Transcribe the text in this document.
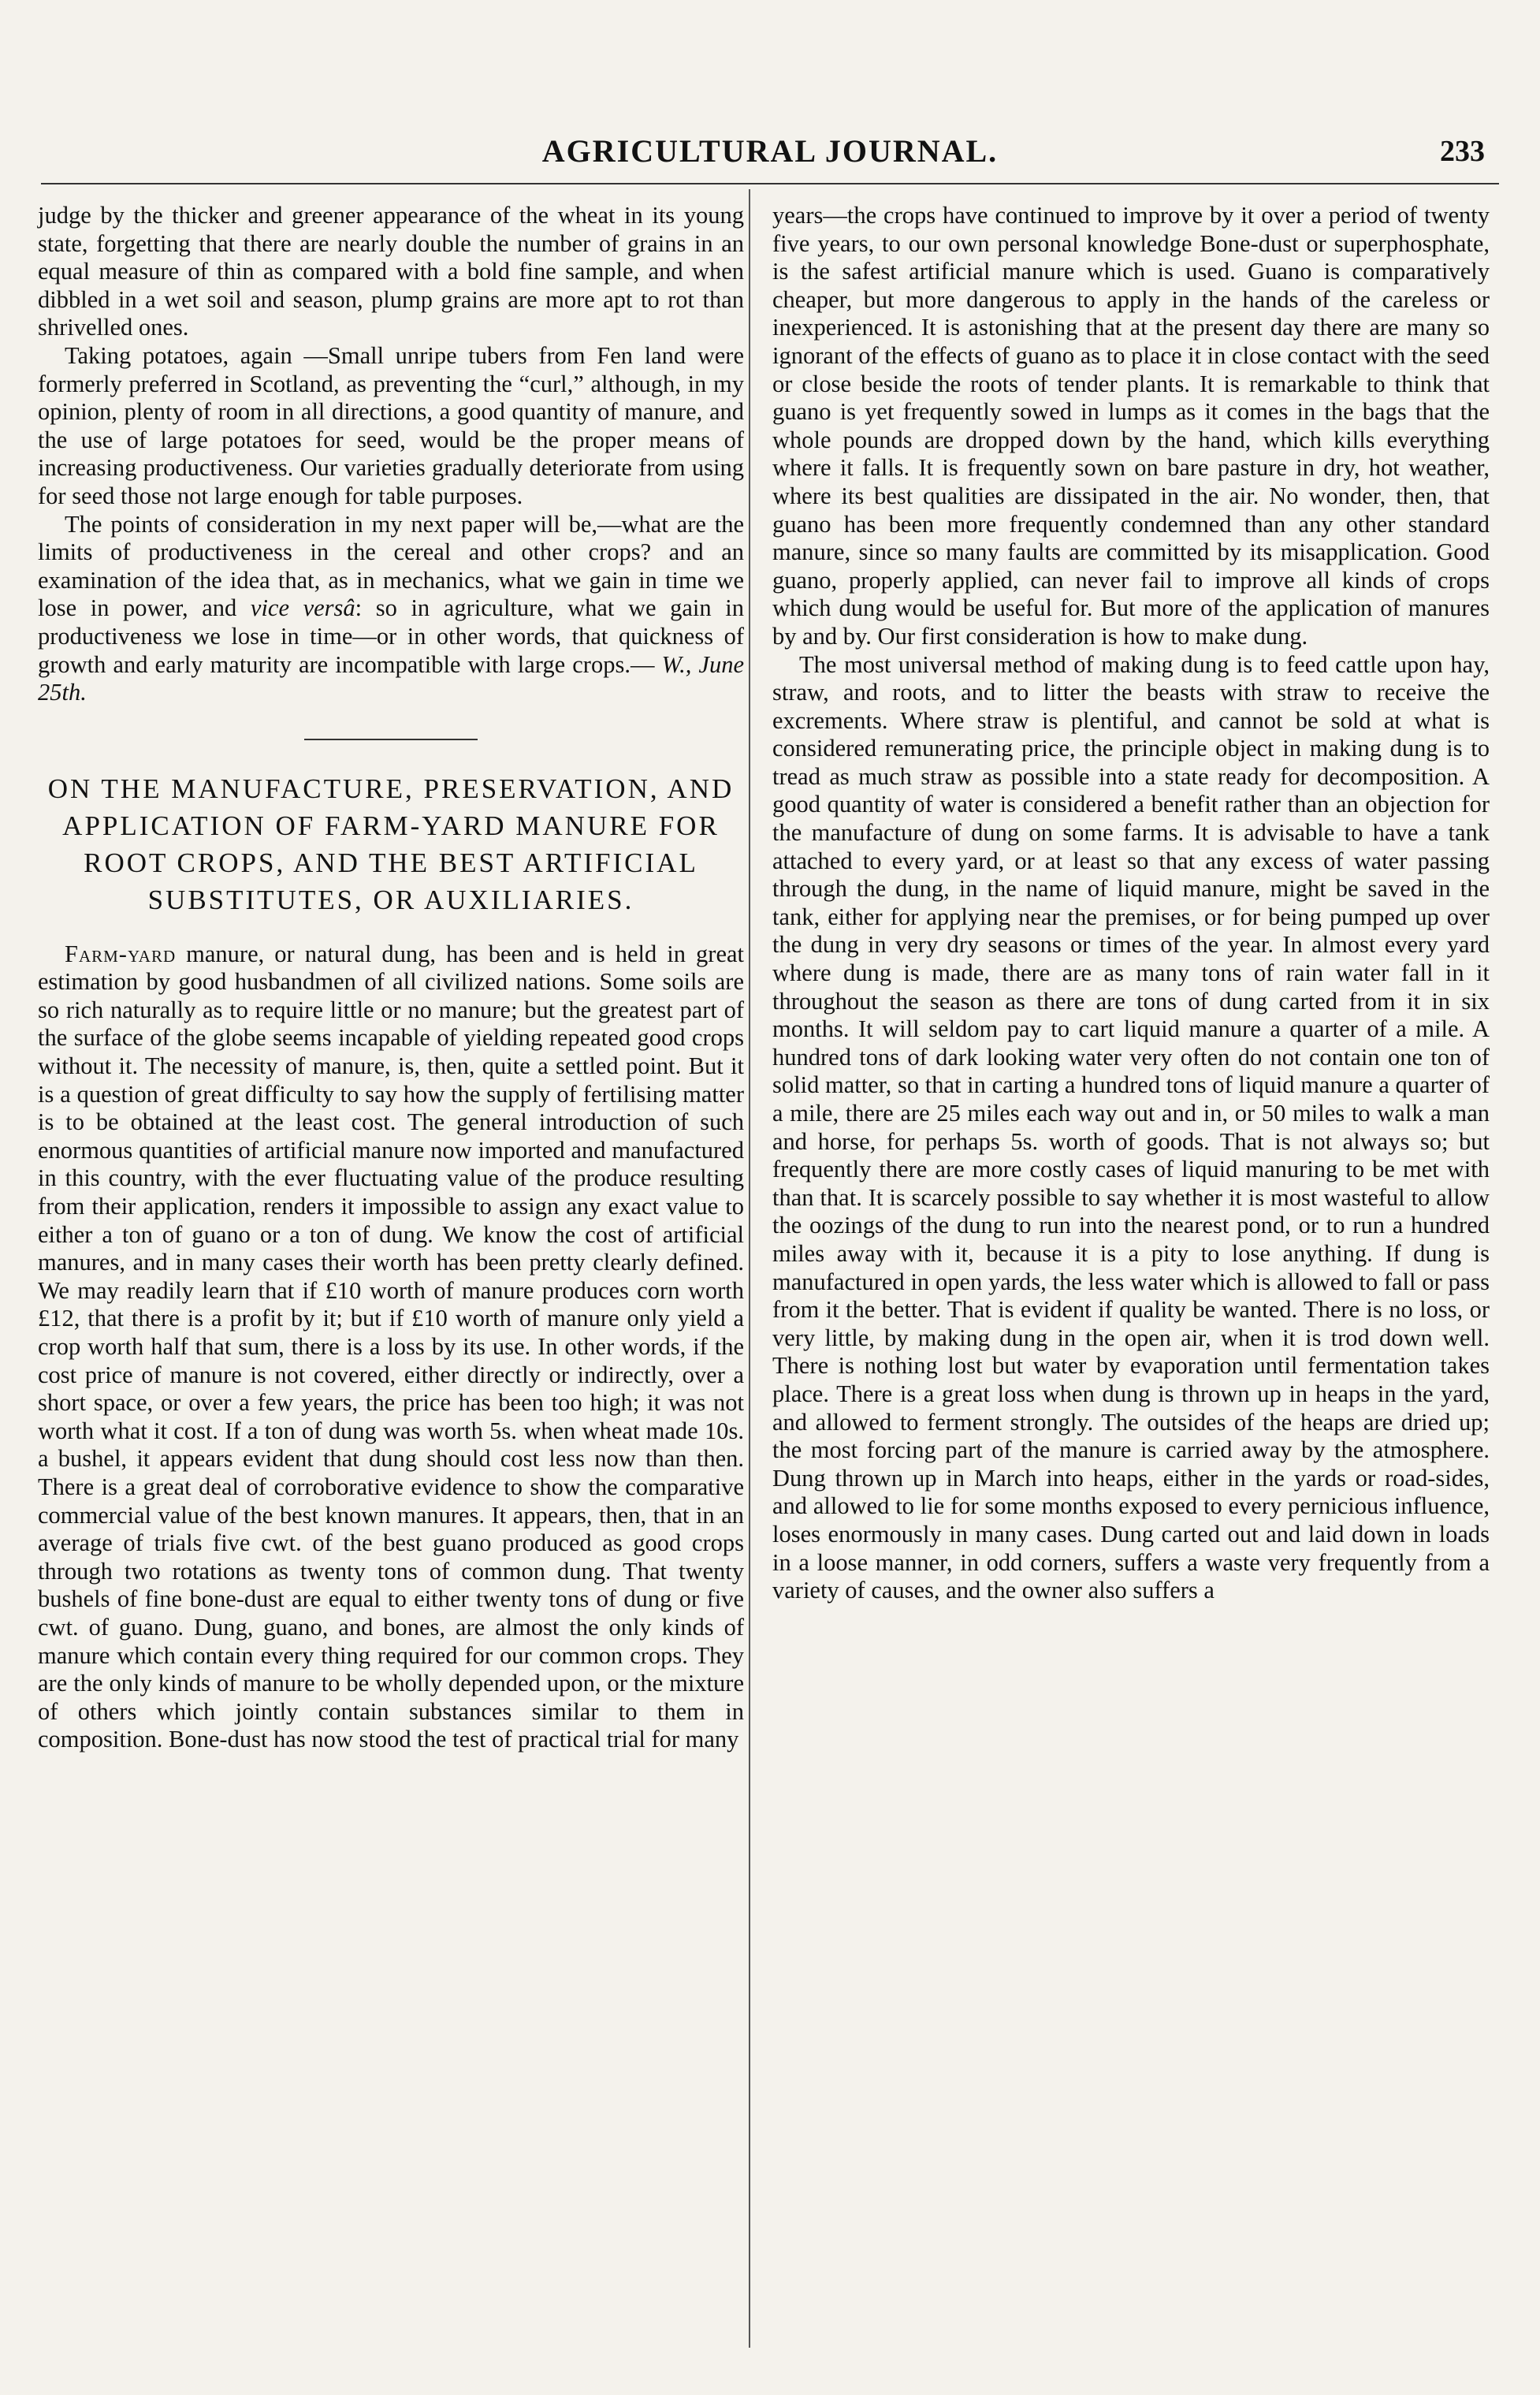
AGRICULTURAL JOURNAL.	233

judge by the thicker and greener appearance of the wheat in its young state, forgetting that there are nearly double the number of grains in an equal measure of thin as compared with a bold fine sample, and when dibbled in a wet soil and season, plump grains are more apt to rot than shrivelled ones.

Taking potatoes, again —Small unripe tubers from Fen land were formerly preferred in Scotland, as preventing the “curl,” although, in my opinion, plenty of room in all directions, a good quantity of manure, and the use of large potatoes for seed, would be the proper means of increasing productiveness. Our varieties gradually deteriorate from using for seed those not large enough for table purposes.

The points of consideration in my next paper will be,—what are the limits of productiveness in the cereal and other crops? and an examination of the idea that, as in mechanics, what we gain in time we lose in power, and vice versâ: so in agriculture, what we gain in productiveness we lose in time—or in other words, that quickness of growth and early maturity are incompatible with large crops.— W., June 25th.

ON THE MANUFACTURE, PRESERVATION, AND APPLICATION OF FARM-YARD MANURE FOR ROOT CROPS, AND THE BEST ARTIFICIAL SUBSTITUTES, OR AUXILIARIES.

Farm-yard manure, or natural dung, has been and is held in great estimation by good husbandmen of all civilized nations. Some soils are so rich naturally as to require little or no manure; but the greatest part of the surface of the globe seems incapable of yielding repeated good crops without it. The necessity of manure, is, then, quite a settled point. But it is a question of great difficulty to say how the supply of fertilising matter is to be obtained at the least cost. The general introduction of such enormous quantities of artificial manure now imported and manufactured in this country, with the ever fluctuating value of the produce resulting from their application, renders it impossible to assign any exact value to either a ton of guano or a ton of dung. We know the cost of artificial manures, and in many cases their worth has been pretty clearly defined. We may readily learn that if £10 worth of manure produces corn worth £12, that there is a profit by it; but if £10 worth of manure only yield a crop worth half that sum, there is a loss by its use. In other words, if the cost price of manure is not covered, either directly or indirectly, over a short space, or over a few years, the price has been too high; it was not worth what it cost. If a ton of dung was worth 5s. when wheat made 10s. a bushel, it appears evident that dung should cost less now than then. There is a great deal of corroborative evidence to show the comparative commercial value of the best known manures. It appears, then, that in an average of trials five cwt. of the best guano produced as good crops through two rotations as twenty tons of common dung. That twenty bushels of fine bone-dust are equal to either twenty tons of dung or five cwt. of guano. Dung, guano, and bones, are almost the only kinds of manure which contain every thing required for our common crops. They are the only kinds of manure to be wholly depended upon, or the mixture of others which jointly contain substances similar to them in composition. Bone-dust has now stood the test of practical trial for many

years—the crops have continued to improve by it over a period of twenty five years, to our own personal knowledge Bone-dust or superphosphate, is the safest artificial manure which is used. Guano is comparatively cheaper, but more dangerous to apply in the hands of the careless or inexperienced. It is astonishing that at the present day there are many so ignorant of the effects of guano as to place it in close contact with the seed or close beside the roots of tender plants. It is remarkable to think that guano is yet frequently sowed in lumps as it comes in the bags that the whole pounds are dropped down by the hand, which kills everything where it falls. It is frequently sown on bare pasture in dry, hot weather, where its best qualities are dissipated in the air. No wonder, then, that guano has been more frequently condemned than any other standard manure, since so many faults are committed by its misapplication. Good guano, properly applied, can never fail to improve all kinds of crops which dung would be useful for. But more of the application of manures by and by. Our first consideration is how to make dung.

The most universal method of making dung is to feed cattle upon hay, straw, and roots, and to litter the beasts with straw to receive the excrements. Where straw is plentiful, and cannot be sold at what is considered remunerating price, the principle object in making dung is to tread as much straw as possible into a state ready for decomposition. A good quantity of water is considered a benefit rather than an objection for the manufacture of dung on some farms. It is advisable to have a tank attached to every yard, or at least so that any excess of water passing through the dung, in the name of liquid manure, might be saved in the tank, either for applying near the premises, or for being pumped up over the dung in very dry seasons or times of the year. In almost every yard where dung is made, there are as many tons of rain water fall in it throughout the season as there are tons of dung carted from it in six months. It will seldom pay to cart liquid manure a quarter of a mile. A hundred tons of dark looking water very often do not contain one ton of solid matter, so that in carting a hundred tons of liquid manure a quarter of a mile, there are 25 miles each way out and in, or 50 miles to walk a man and horse, for perhaps 5s. worth of goods. That is not always so; but frequently there are more costly cases of liquid manuring to be met with than that. It is scarcely possible to say whether it is most wasteful to allow the oozings of the dung to run into the nearest pond, or to run a hundred miles away with it, because it is a pity to lose anything. If dung is manufactured in open yards, the less water which is allowed to fall or pass from it the better. That is evident if quality be wanted. There is no loss, or very little, by making dung in the open air, when it is trod down well. There is nothing lost but water by evaporation until fermentation takes place. There is a great loss when dung is thrown up in heaps in the yard, and allowed to ferment strongly. The outsides of the heaps are dried up; the most forcing part of the manure is carried away by the atmosphere. Dung thrown up in March into heaps, either in the yards or road-sides, and allowed to lie for some months exposed to every pernicious influence, loses enormously in many cases. Dung carted out and laid down in loads in a loose manner, in odd corners, suffers a waste very frequently from a variety of causes, and the owner also suffers a
